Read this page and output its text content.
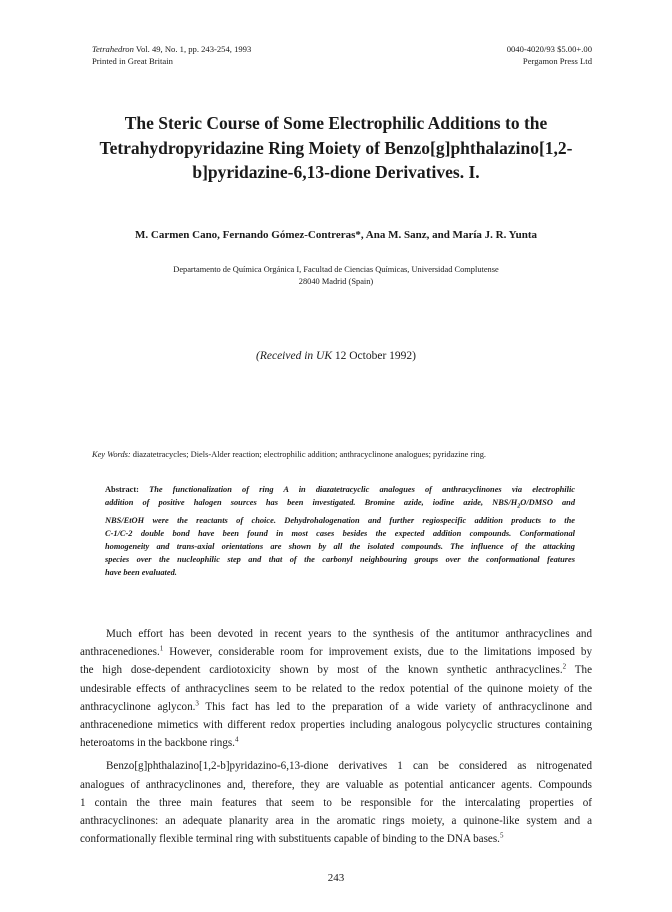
Tetrahedron Vol. 49, No. 1, pp. 243-254, 1993
Printed in Great Britain
0040-4020/93 $5.00+.00
Pergamon Press Ltd
The Steric Course of Some Electrophilic Additions to the
Tetrahydropyridazine Ring Moiety of Benzo[g]phthalazino[1,2-
b]pyridazine-6,13-dione Derivatives. I.
M. Carmen Cano, Fernando Gómez-Contreras*, Ana M. Sanz, and María J. R. Yunta
Departamento de Química Orgánica I, Facultad de Ciencias Químicas, Universidad Complutense
28040 Madrid (Spain)
(Received in UK 12 October 1992)
Key Words: diazatetracycles; Diels-Alder reaction; electrophilic addition; anthracyclinone analogues; pyridazine ring.
Abstract: The functionalization of ring A in diazatetracyclic analogues of anthracyclinones via electrophilic
addition of positive halogen sources has been investigated. Bromine azide, iodine azide, NBS/$H_2O$/DMSO and
NBS/EtOH were the reactants of choice. Dehydrohalogenation and further regiospecific addition products to the
C-1/C-2 double bond have been found in most cases besides the expected addition compounds. Conformational
homogeneity and trans-axial orientations are shown by all the isolated compounds. The influence of the attacking
species over the nucleophilic step and that of the carbonyl neighbouring groups over the conformational features
have been evaluated.
Much effort has been devoted in recent years to the synthesis of the antitumor anthracyclines and
anthracenediones.$^1$ However, considerable room for improvement exists, due to the limitations imposed by
the high dose-dependent cardiotoxicity shown by most of the known synthetic anthracyclines.$^2$ The
undesirable effects of anthracyclines seem to be related to the redox potential of the quinone moiety of the
anthracyclinone aglycon.$^3$ This fact has led to the preparation of a wide variety of anthracyclinone and
anthracenedione mimetics with different redox properties including analogous polycyclic structures containing
heteroatoms in the backbone rings.$^4$
Benzo[g]phthalazino[1,2-b]pyridazino-6,13-dione derivatives 1 can be considered as nitrogenated
analogues of anthracyclinones and, therefore, they are valuable as potential anticancer agents. Compounds
1 contain the three main features that seem to be responsible for the intercalating properties of
anthracyclinones: an adequate planarity area in the aromatic rings moiety, a quinone-like system and a
conformationally flexible terminal ring with substituents capable of binding to the DNA bases.$^5$
243
